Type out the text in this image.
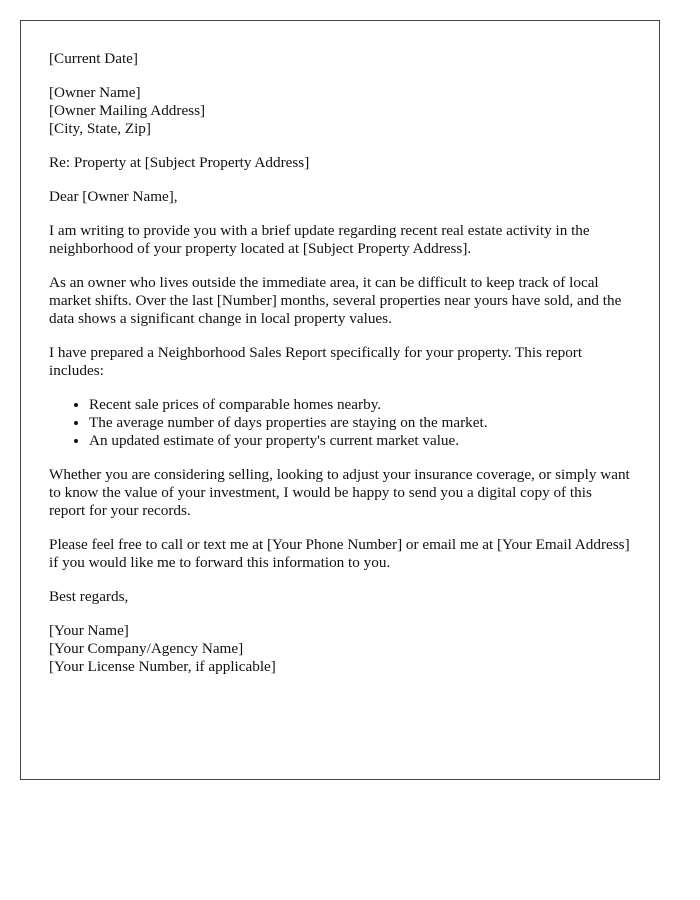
[Current Date]

[Owner Name]
[Owner Mailing Address]
[City, State, Zip]

Re: Property at [Subject Property Address]

Dear [Owner Name],

I am writing to provide you with a brief update regarding recent real estate activity in the neighborhood of your property located at [Subject Property Address].

As an owner who lives outside the immediate area, it can be difficult to keep track of local market shifts. Over the last [Number] months, several properties near yours have sold, and the data shows a significant change in local property values.

I have prepared a Neighborhood Sales Report specifically for your property. This report includes:

• Recent sale prices of comparable homes nearby.
• The average number of days properties are staying on the market.
• An updated estimate of your property's current market value.

Whether you are considering selling, looking to adjust your insurance coverage, or simply want to know the value of your investment, I would be happy to send you a digital copy of this report for your records.

Please feel free to call or text me at [Your Phone Number] or email me at [Your Email Address] if you would like me to forward this information to you.

Best regards,

[Your Name]
[Your Company/Agency Name]
[Your License Number, if applicable]
